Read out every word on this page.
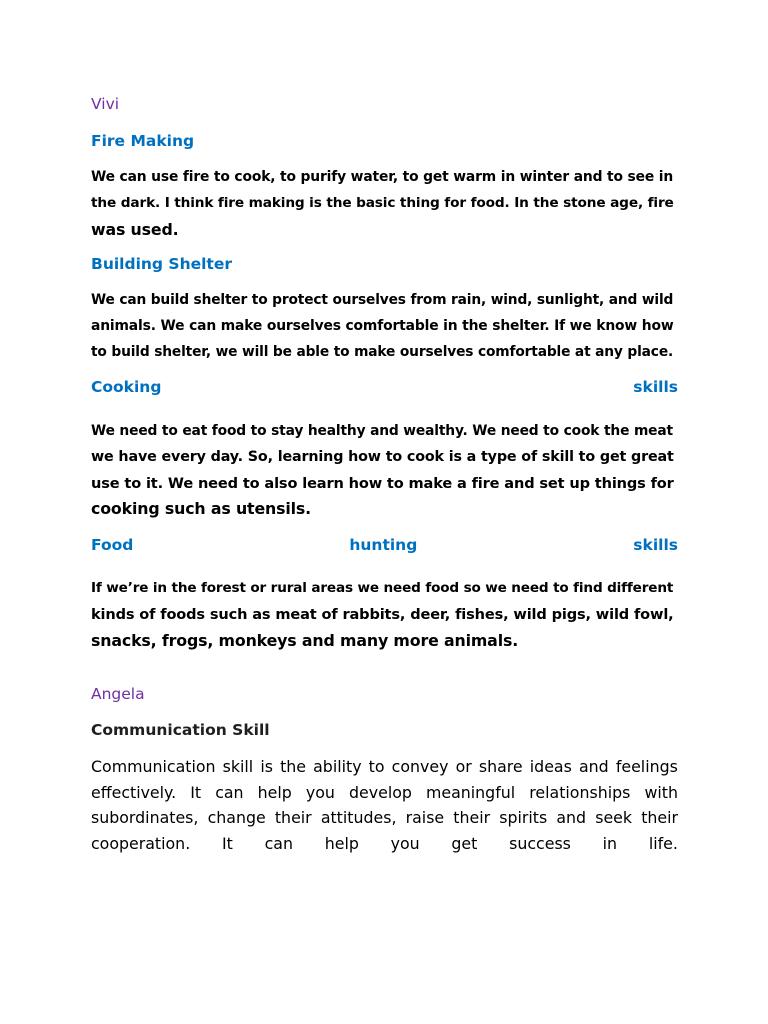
Vivi

Fire Making

We can use fire to cook, to purify water, to get warm in winter and to see in
the dark. I think fire making is the basic thing for food. In the stone age, fire
was used.

Building Shelter

We can build shelter to protect ourselves from rain, wind, sunlight, and wild
animals. We can make ourselves comfortable in the shelter. If we know how
to build shelter, we will be able to make ourselves comfortable at any place.
Cooking	skills
We need to eat food to stay healthy and wealthy. We need to cook the meat
we have every day. So, learning how to cook is a type of skill to get great
use to it. We need to also learn how to make a fire and set up things for
cooking such as utensils.
Food	hunting	skills
If we’re in the forest or rural areas we need food so we need to find different
kinds of foods such as meat of rabbits, deer, fishes, wild pigs, wild fowl,
snacks, frogs, monkeys and many more animals.

Angela

Communication Skill

Communication skill is the ability to convey or share ideas and feelings
effectively. It can help you develop meaningful relationships with
subordinates, change their attitudes, raise their spirits and seek their
cooperation. It can help you get success in life.
